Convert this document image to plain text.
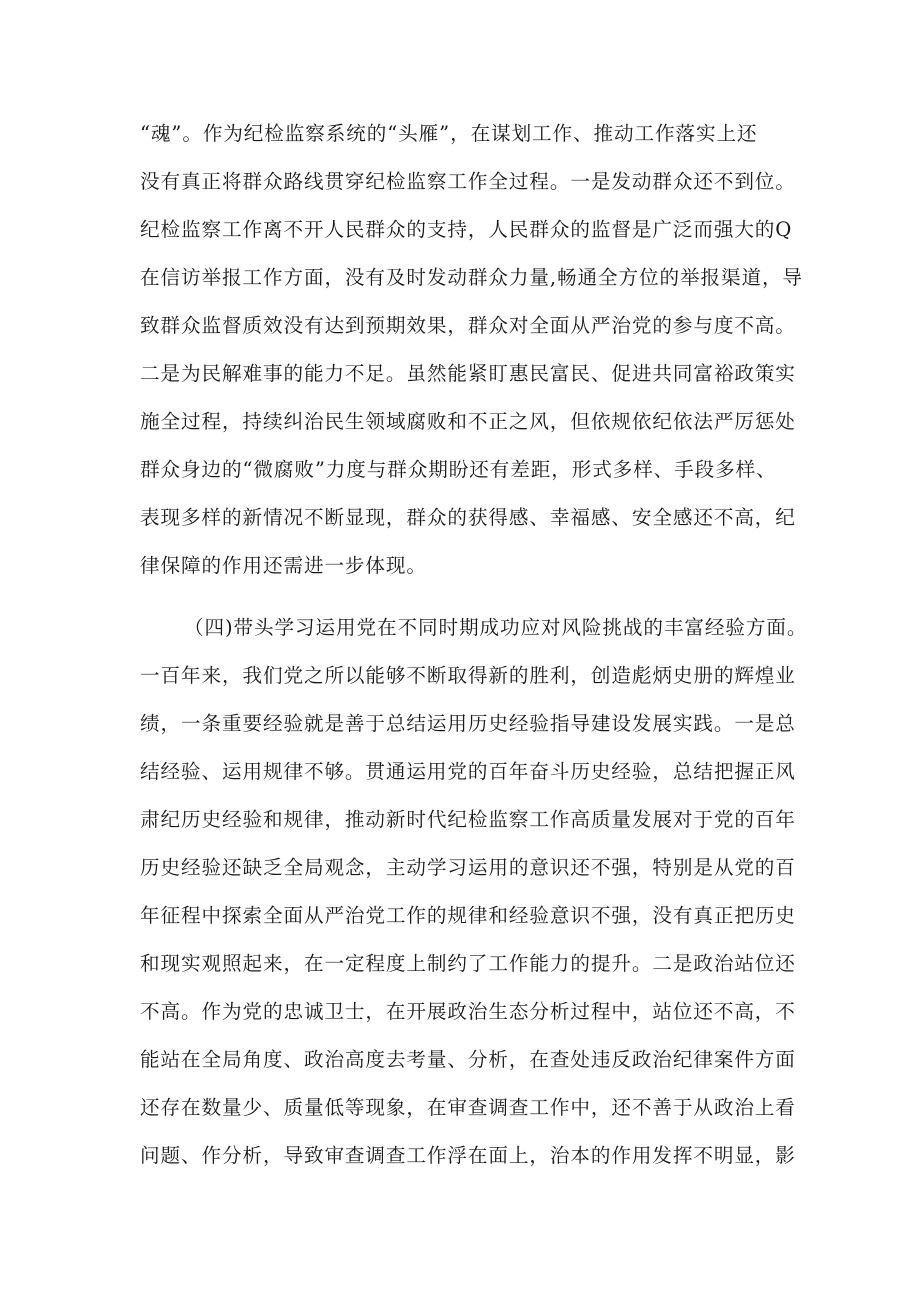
“魂”。作为纪检监察系统的“头雁”，在谋划工作、推动工作落实上还
没有真正将群众路线贯穿纪检监察工作全过程。一是发动群众还不到位。
纪检监察工作离不开人民群众的支持，人民群众的监督是广泛而强大的Q
在信访举报工作方面，没有及时发动群众力量,畅通全方位的举报渠道，导
致群众监督质效没有达到预期效果，群众对全面从严治党的参与度不高。
二是为民解难事的能力不足。虽然能紧盯惠民富民、促进共同富裕政策实
施全过程，持续纠治民生领域腐败和不正之风，但依规依纪依法严厉惩处
群众身边的“微腐败”力度与群众期盼还有差距，形式多样、手段多样、
表现多样的新情况不断显现，群众的获得感、幸福感、安全感还不高，纪
律保障的作用还需进一步体现。
（四)带头学习运用党在不同时期成功应对风险挑战的丰富经验方面。
一百年来，我们党之所以能够不断取得新的胜利，创造彪炳史册的辉煌业
绩，一条重要经验就是善于总结运用历史经验指导建设发展实践。一是总
结经验、运用规律不够。贯通运用党的百年奋斗历史经验，总结把握正风
肃纪历史经验和规律，推动新时代纪检监察工作高质量发展对于党的百年
历史经验还缺乏全局观念，主动学习运用的意识还不强，特别是从党的百
年征程中探索全面从严治党工作的规律和经验意识不强，没有真正把历史
和现实观照起来，在一定程度上制约了工作能力的提升。二是政治站位还
不高。作为党的忠诚卫士，在开展政治生态分析过程中，站位还不高，不
能站在全局角度、政治高度去考量、分析，在查处违反政治纪律案件方面
还存在数量少、质量低等现象，在审查调查工作中，还不善于从政治上看
问题、作分析，导致审查调查工作浮在面上，治本的作用发挥不明显，影
